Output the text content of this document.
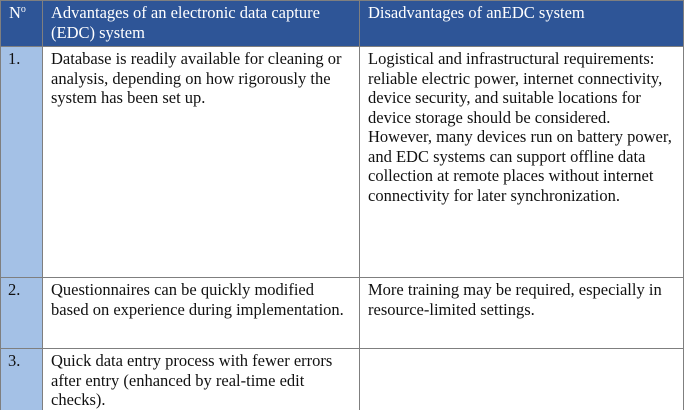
$N^o$	Advantages of an electronic data capture (EDC) system	Disadvantages of anEDC system
1.	Database is readily available for cleaning or analysis, depending on how rigorously the system has been set up.	Logistical and infrastructural requirements: reliable electric power, internet connectivity, device security, and suitable locations for device storage should be considered. However, many devices run on battery power, and EDC systems can support offline data collection at remote places without internet connectivity for later synchronization.
2.	Questionnaires can be quickly modified based on experience during implementation.	More training may be required, especially in resource-limited settings.
3.	Quick data entry process with fewer errors after entry (enhanced by real-time edit checks).	
